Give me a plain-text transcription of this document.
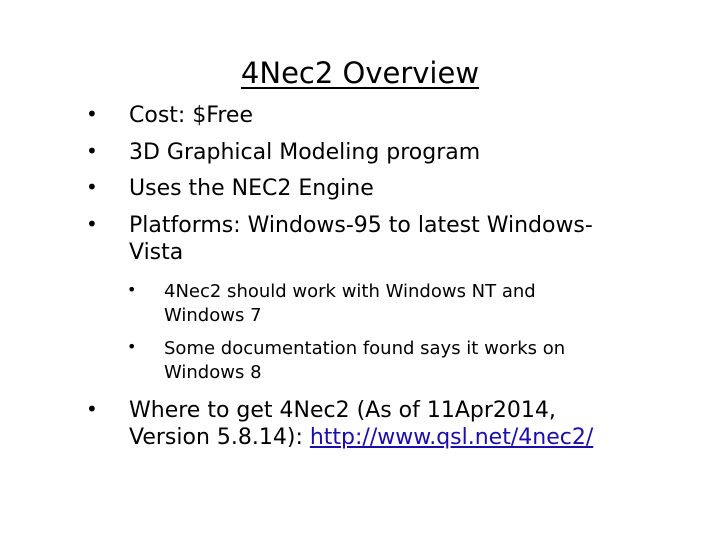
4Nec2 Overview
• Cost: $Free
• 3D Graphical Modeling program
• Uses the NEC2 Engine
• Platforms: Windows-95 to latest Windows-
Vista
• 4Nec2 should work with Windows NT and
Windows 7
• Some documentation found says it works on
Windows 8
• Where to get 4Nec2 (As of 11Apr2014,
Version 5.8.14): http://www.qsl.net/4nec2/
